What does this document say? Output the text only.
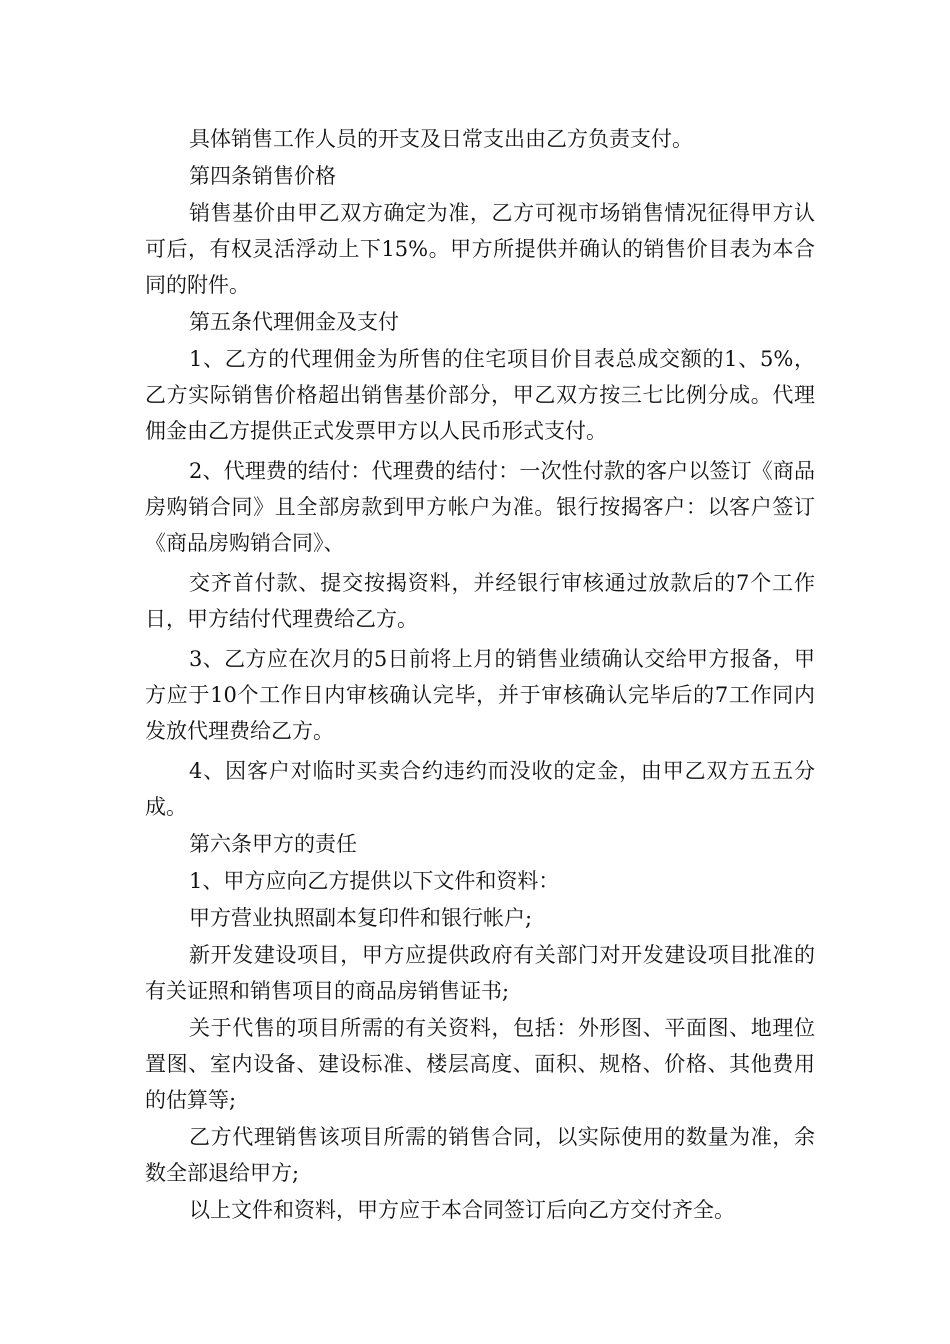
具体销售工作人员的开支及日常支出由乙方负责支付。

第四条销售价格

销售基价由甲乙双方确定为准，乙方可视市场销售情况征得甲方认可后，有权灵活浮动上下15%。甲方所提供并确认的销售价目表为本合同的附件。

第五条代理佣金及支付

1、乙方的代理佣金为所售的住宅项目价目表总成交额的1、5%，乙方实际销售价格超出销售基价部分，甲乙双方按三七比例分成。代理佣金由乙方提供正式发票甲方以人民币形式支付。

2、代理费的结付：代理费的结付：一次性付款的客户以签订《商品房购销合同》且全部房款到甲方帐户为准。银行按揭客户：以客户签订《商品房购销合同》、

交齐首付款、提交按揭资料，并经银行审核通过放款后的7个工作日，甲方结付代理费给乙方。

3、乙方应在次月的5日前将上月的销售业绩确认交给甲方报备，甲方应于10个工作日内审核确认完毕，并于审核确认完毕后的7工作同内发放代理费给乙方。

4、因客户对临时买卖合约违约而没收的定金，由甲乙双方五五分成。

第六条甲方的责任

1、甲方应向乙方提供以下文件和资料：

甲方营业执照副本复印件和银行帐户;

新开发建设项目，甲方应提供政府有关部门对开发建设项目批准的有关证照和销售项目的商品房销售证书;

关于代售的项目所需的有关资料，包括：外形图、平面图、地理位置图、室内设备、建设标准、楼层高度、面积、规格、价格、其他费用的估算等;

乙方代理销售该项目所需的销售合同，以实际使用的数量为准，余数全部退给甲方;

以上文件和资料，甲方应于本合同签订后向乙方交付齐全。
